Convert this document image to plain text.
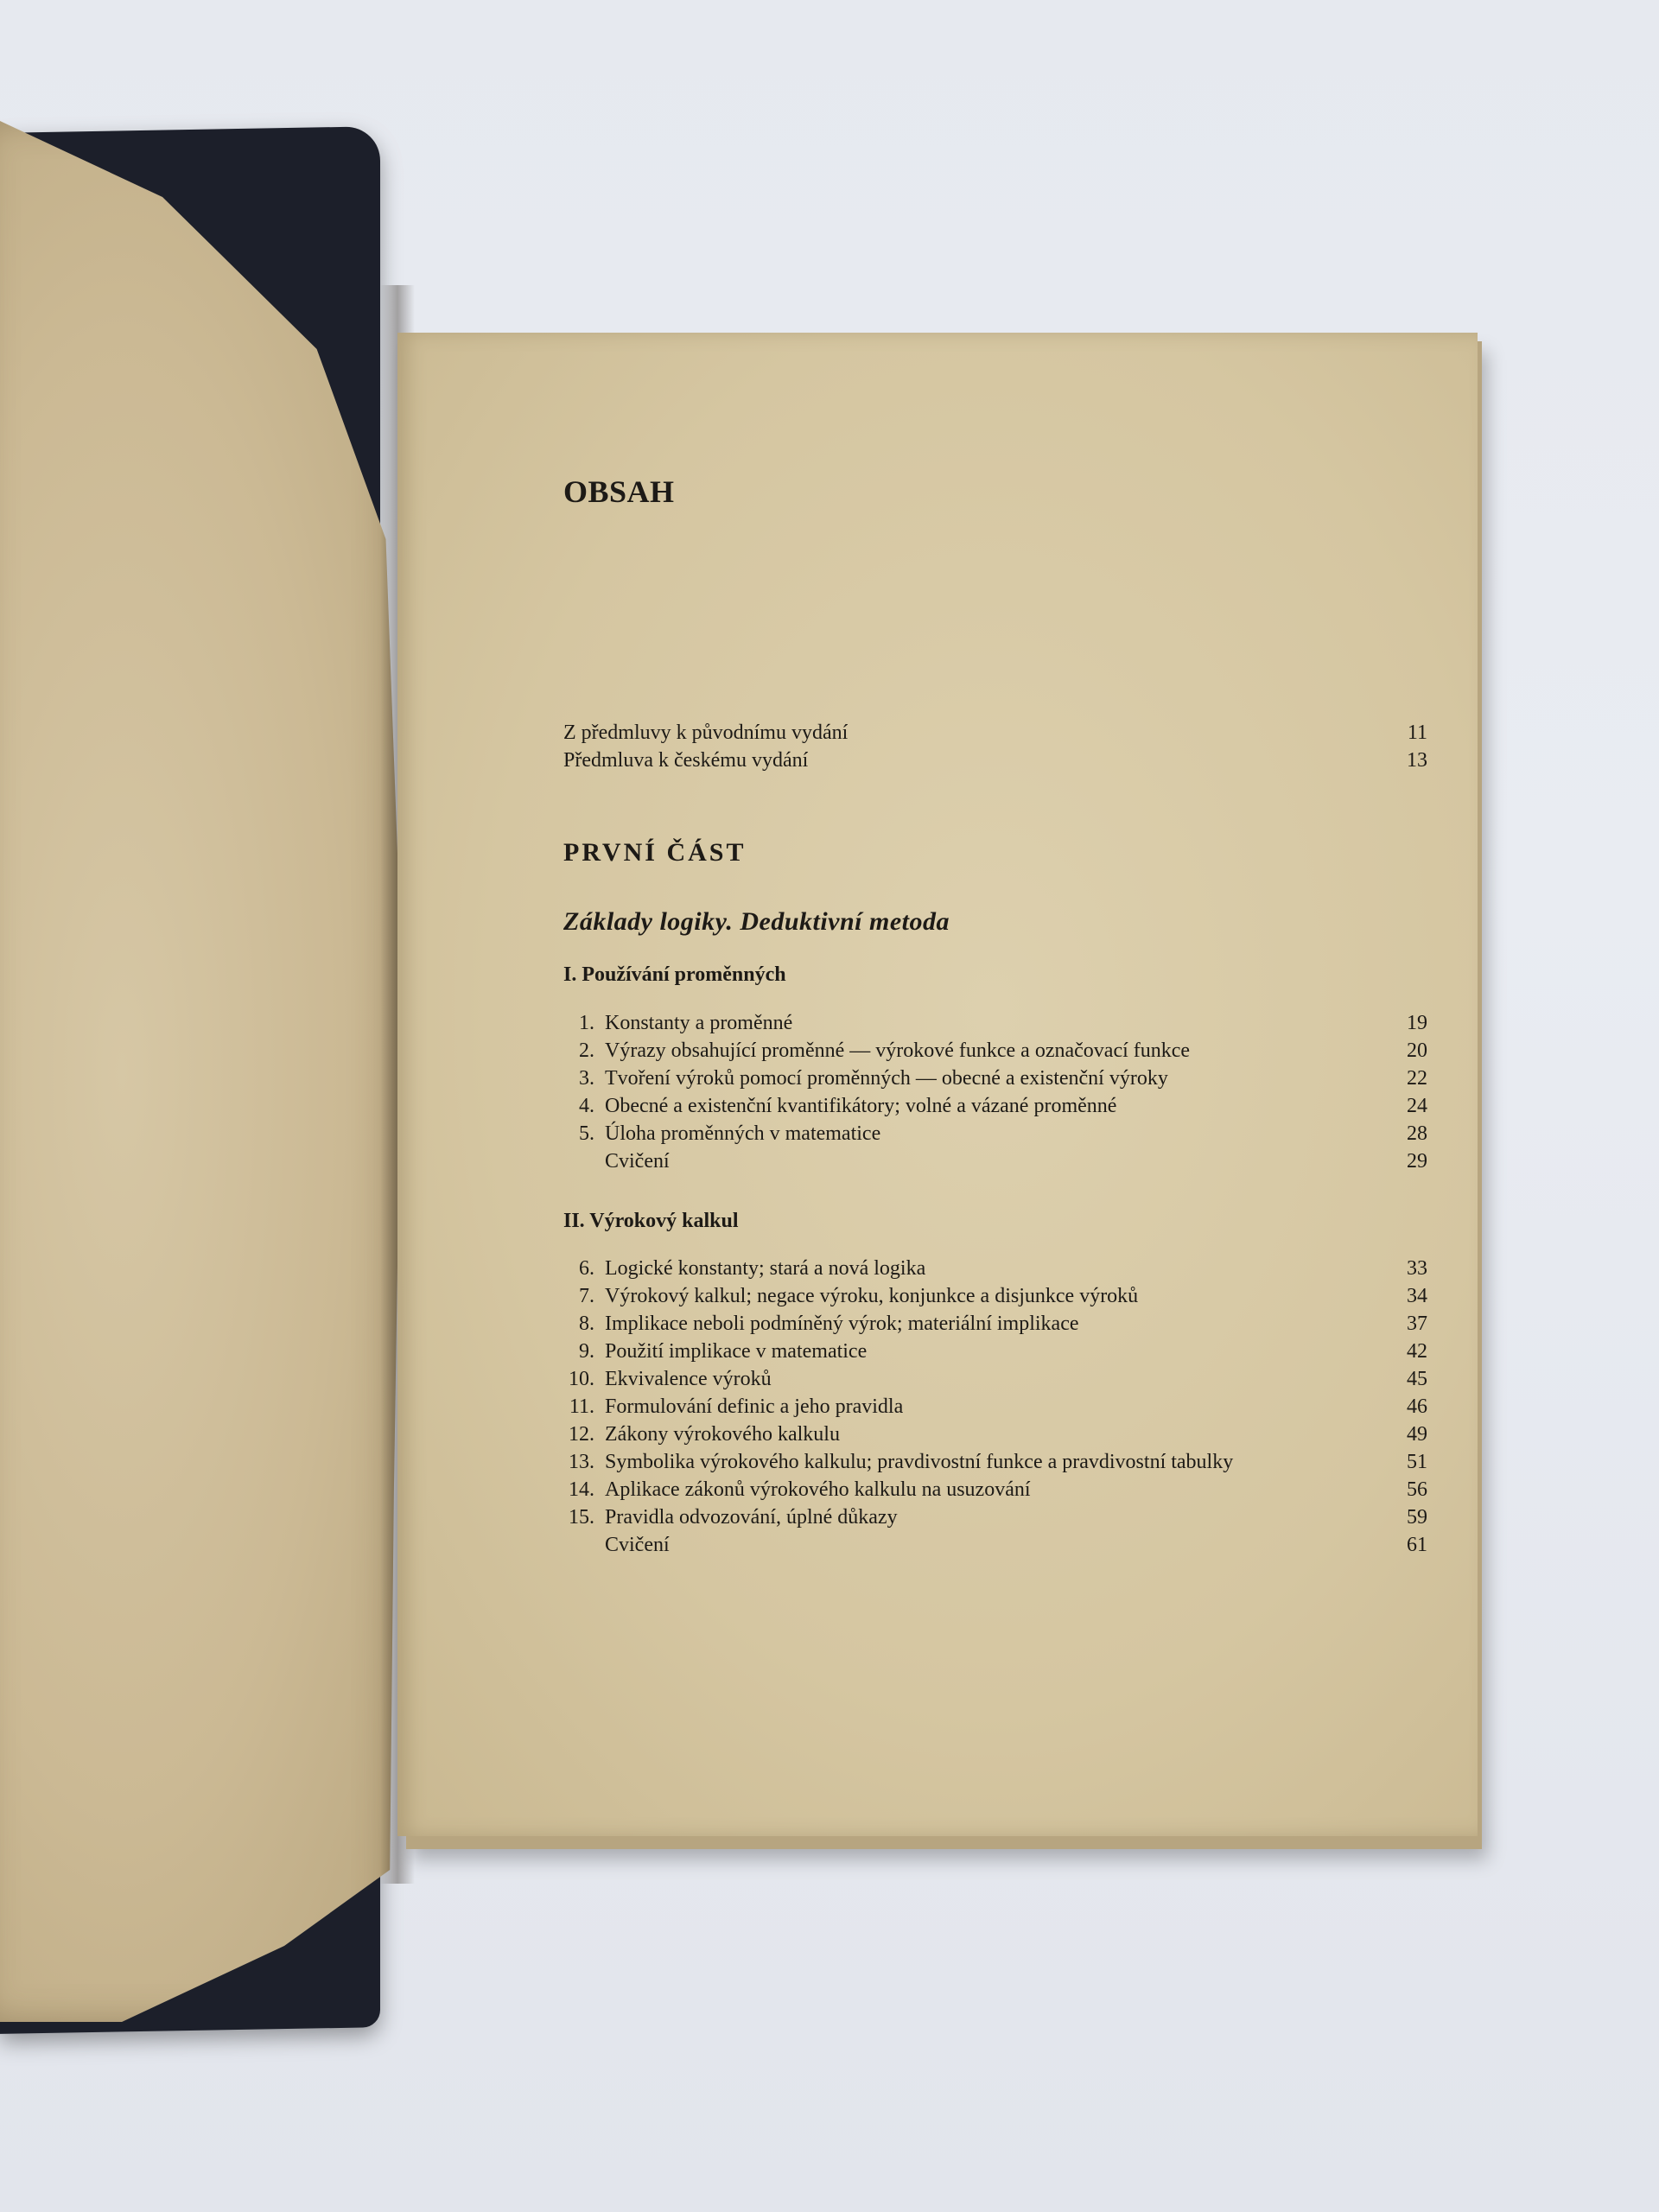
OBSAH
Z předmluvy k původnímu vydání	11
Předmluva k českému vydání	13
PRVNÍ ČÁST
Základy logiky. Deduktivní metoda
I. Používání proměnných
1. Konstanty a proměnné	19
2. Výrazy obsahující proměnné — výrokové funkce a označovací funkce	20
3. Tvoření výroků pomocí proměnných — obecné a existenční výroky	22
4. Obecné a existenční kvantifikátory; volné a vázané proměnné	24
5. Úloha proměnných v matematice	28
Cvičení	29
II. Výrokový kalkul
6. Logické konstanty; stará a nová logika	33
7. Výrokový kalkul; negace výroku, konjunkce a disjunkce výroků	34
8. Implikace neboli podmíněný výrok; materiální implikace	37
9. Použití implikace v matematice	42
10. Ekvivalence výroků	45
11. Formulování definic a jeho pravidla	46
12. Zákony výrokového kalkulu	49
13. Symbolika výrokového kalkulu; pravdivostní funkce a pravdivostní tabulky	51
14. Aplikace zákonů výrokového kalkulu na usuzování	56
15. Pravidla odvozování, úplné důkazy	59
Cvičení	61
